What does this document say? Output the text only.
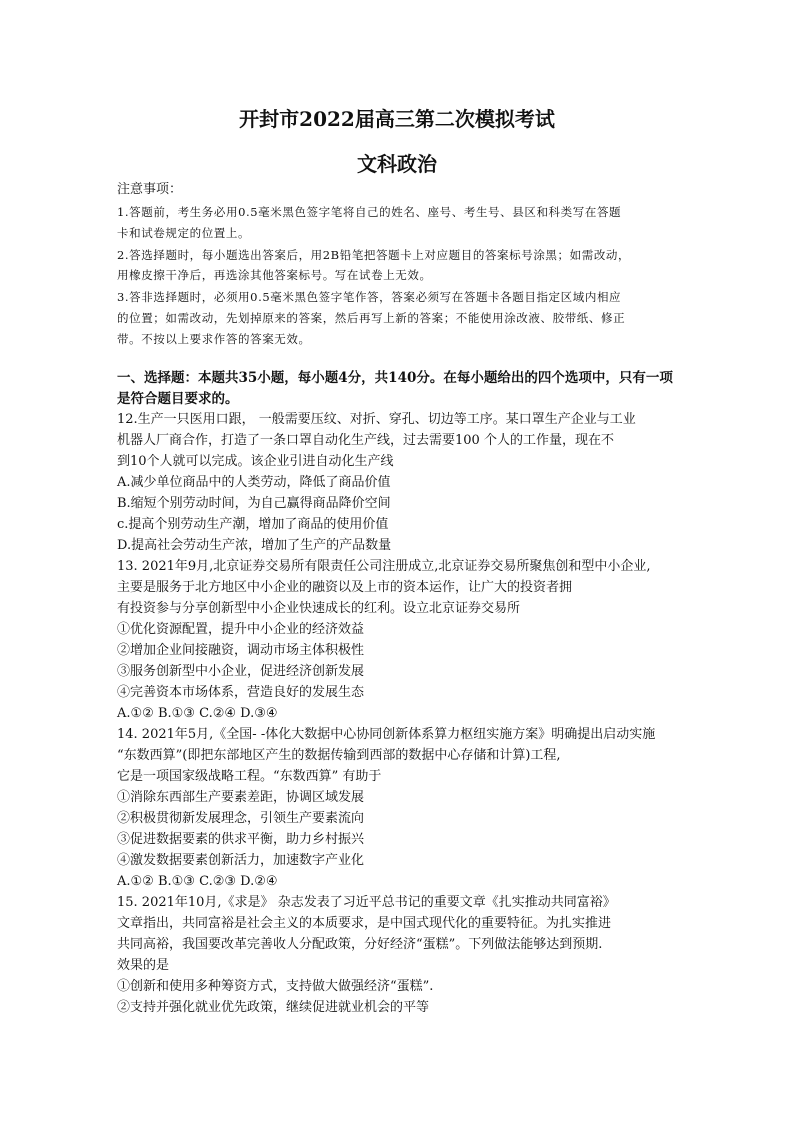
开封市2022届高三第二次模拟考试
文科政治
注意事项：
1.答题前，考生务必用0.5毫米黑色签字笔将自己的姓名、座号、考生号、县区和科类写在答题
卡和试卷规定的位置上。
2.答选择题时，每小题选出答案后，用2B铅笔把答题卡上对应题目的答案标号涂黑；如需改动，
用橡皮擦干净后，再选涂其他答案标号。写在试卷上无效。
3.答非选择题时，必须用0.5毫米黑色签字笔作答，答案必须写在答题卡各题目指定区域内相应
的位置；如需改动，先划掉原来的答案，然后再写上新的答案；不能使用涂改液、胶带纸、修正
带。不按以上要求作答的答案无效。
一、选择题：本题共35小题，每小题4分，共140分。在每小题给出的四个选项中，只有一项
是符合题目要求的。
12.生产一只医用口跟， 一般需要压纹、对折、穿孔、切边等工序。某口罩生产企业与工业
机器人厂商合作，打造了一条口罩自动化生产线，过去需要100 个人的工作量，现在不
到10个人就可以完成。该企业引进自动化生产线
A.减少单位商品中的人类劳动，降低了商品价值
B.缩短个别劳动时间，为自己赢得商品降价空间
c.提高个别劳动生产潮，增加了商品的使用价值
D.提高社会劳动生产浓，增加了生产的产品数量
13. 2021年9月,北京证券交易所有限责任公司注册成立,北京证券交易所聚焦创和型中小企业,
主要是服务于北方地区中小企业的融资以及上市的资本运作，让广大的投资者拥
有投资参与分享创新型中小企业快速成长的红利。设立北京证券交易所
①优化资源配置，提升中小企业的经济效益
②增加企业间接融资，调动市场主体积极性
③服务创新型中小企业，促进经济创新发展
④完善资本市场体系，营造良好的发展生态
A.①② B.①③ C.②④ D.③④
14. 2021年5月,《全国- -体化大数据中心协同创新体系算力枢纽实施方案》明确提出启动实施
“东数西算”(即把东部地区产生的数据传输到西部的数据中心存储和计算)工程,
它是一项国家级战略工程。“东数西算” 有助于
①消除东西部生产要素差距，协调区域发展
②积极贯彻新发展理念，引领生产要素流向
③促进数据要素的供求平衡，助力乡村振兴
④激发数据要素创新活力，加速数字产业化
A.①② B.①③ C.②③ D.②④
15. 2021年10月,《求是》 杂志发表了习近平总书记的重要文章《扎实推动共同富裕》
文章指出，共同富裕是社会主义的本质要求，是中国式现代化的重要特征。为扎实推进
共同高裕，我国要改革完善收人分配政策，分好经济“蛋糕”。下列做法能够达到预期.
效果的是
①创新和使用多种筹资方式，支持做大做强经济“蛋糕”.
②支持并强化就业优先政策，继续促进就业机会的平等
